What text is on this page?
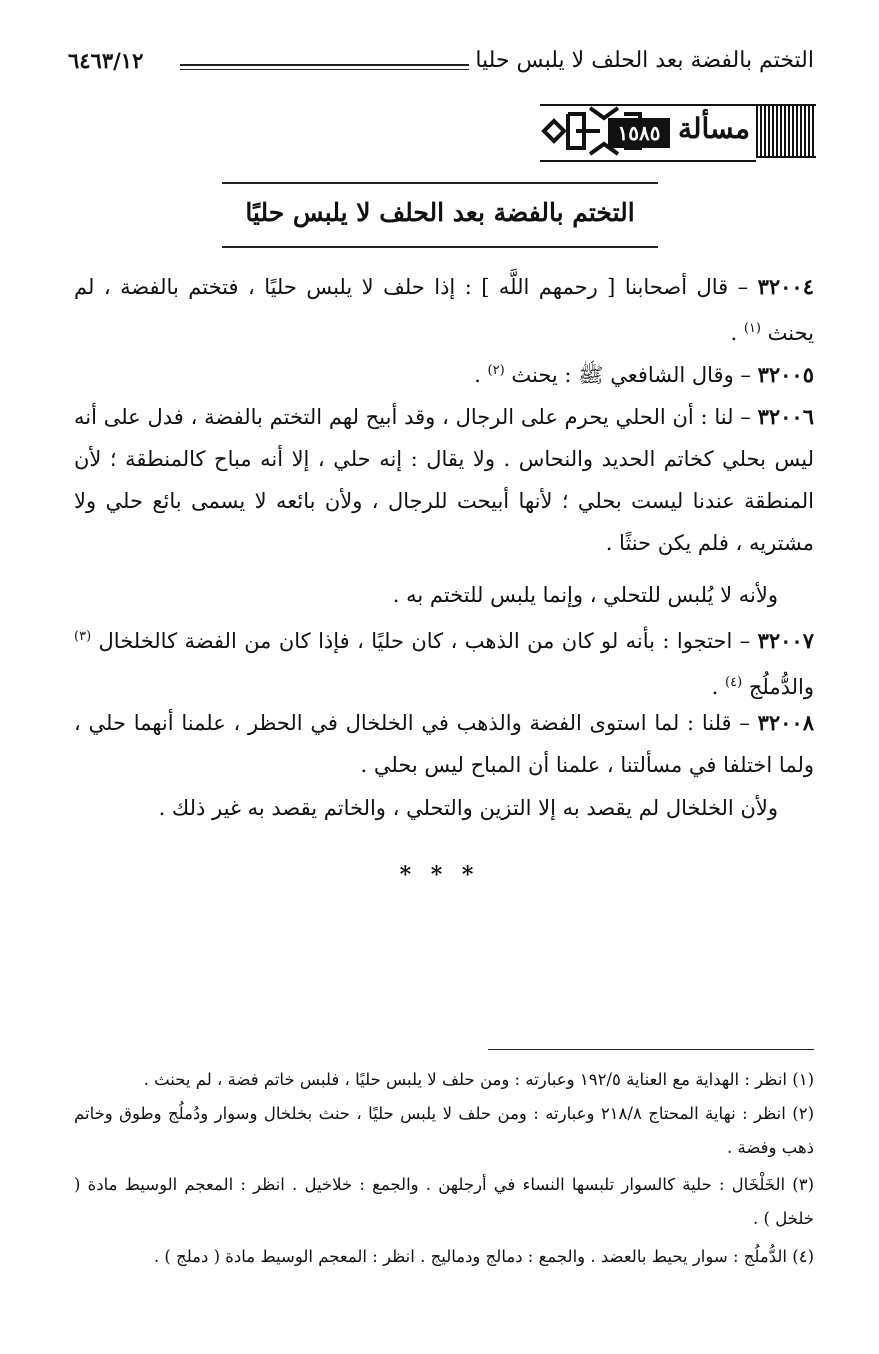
التختم بالفضة بعد الحلف لا يلبس حليا
٦٤٦٣/١٢
١٥٨٥ مسألة
التختم بالفضة بعد الحلف لا يلبس حليًا
٣٢٠٠٤ – قال أصحابنا [ رحمهم اللَّه ] : إذا حلف لا يلبس حليًا ، فتختم بالفضة ، لم يحنث $^{(١)}$ .
٣٢٠٠٥ – وقال الشافعي ﷺ : يحنث $^{(٢)}$ .
٣٢٠٠٦ – لنا : أن الحلي يحرم على الرجال ، وقد أبيح لهم التختم بالفضة ، فدل على أنه ليس بحلي كخاتم الحديد والنحاس . ولا يقال : إنه حلي ، إلا أنه مباح كالمنطقة ؛ لأن المنطقة عندنا ليست بحلي ؛ لأنها أبيحت للرجال ، ولأن بائعه لا يسمى بائع حلي ولا مشتريه ، فلم يكن حنثًا .
ولأنه لا يُلبس للتحلي ، وإنما يلبس للتختم به .
٣٢٠٠٧ – احتجوا : بأنه لو كان من الذهب ، كان حليًا ، فإذا كان من الفضة كالخلخال $^{(٣)}$ والدُّملُج $^{(٤)}$ .
٣٢٠٠٨ – قلنا : لما استوى الفضة والذهب في الخلخال في الحظر ، علمنا أنهما حلي ، ولما اختلفا في مسألتنا ، علمنا أن المباح ليس بحلي .
ولأن الخلخال لم يقصد به إلا التزين والتحلي ، والخاتم يقصد به غير ذلك .
* * *
(١) انظر : الهداية مع العناية ١٩٢/٥ وعبارته : ومن حلف لا يلبس حليًا ، فلبس خاتم فضة ، لم يحنث .
(٢) انظر : نهاية المحتاج ٢١٨/٨ وعبارته : ومن حلف لا يلبس حليًا ، حنث بخلخال وسوار ودُملُج وطوق وخاتم ذهب وفضة .
(٣) الخَلْخَال : حلية كالسوار تلبسها النساء في أرجلهن . والجمع : خلاخيل . انظر : المعجم الوسيط مادة ( خلخل ) .
(٤) الدُّملُج : سوار يحيط بالعضد . والجمع : دمالج ودماليج . انظر : المعجم الوسيط مادة ( دملج ) .
